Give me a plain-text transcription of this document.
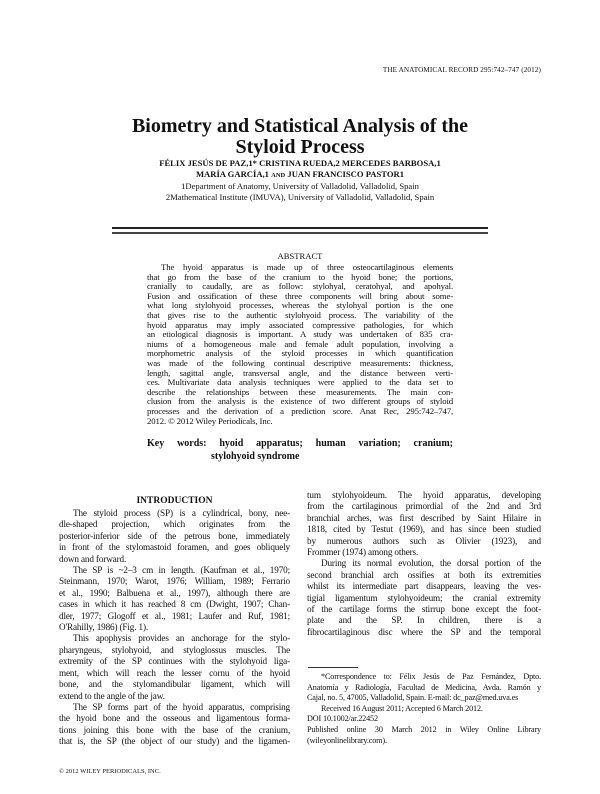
THE ANATOMICAL RECORD 295:742–747 (2012)
Biometry and Statistical Analysis of the
Styloid Process
FÉLIX JESÚS DE PAZ,1* CRISTINA RUEDA,2 MERCEDES BARBOSA,1
MARÍA GARCÍA,1 AND JUAN FRANCISCO PASTOR1
1Department of Anatomy, University of Valladolid, Valladolid, Spain
2Mathematical Institute (IMUVA), University of Valladolid, Valladolid, Spain
ABSTRACT
The hyoid apparatus is made up of three osteocartilaginous elements
that go from the base of the cranium to the hyoid bone; the portions,
cranially to caudally, are as follow: stylohyal, ceratohyal, and apohyal.
Fusion and ossification of these three components will bring about some-
what long stylohyoid processes, whereas the stylohyal portion is the one
that gives rise to the authentic stylohyoid process. The variability of the
hyoid apparatus may imply associated compressive pathologies, for which
an etiological diagnosis is important. A study was undertaken of 835 cra-
niums of a homogeneous male and female adult population, involving a
morphometric analysis of the styloid processes in which quantification
was made of the following continual descriptive measurements: thickness,
length, sagittal angle, transversal angle, and the distance between verti-
ces. Multivariate data analysis techniques were applied to the data set to
describe the relationships between these measurements. The main con-
clusion from the analysis is the existence of two different groups of styloid
processes and the derivation of a prediction score. Anat Rec, 295:742–747,
2012. © 2012 Wiley Periodicals, Inc.
Key words: hyoid apparatus; human variation; cranium;
stylohyoid syndrome
INTRODUCTION
The styloid process (SP) is a cylindrical, bony, nee-
dle-shaped projection, which originates from the
posterior-inferior side of the petrous bone, immediately
in front of the stylomastoid foramen, and goes obliquely
down and forward.
The SP is ~2–3 cm in length. (Kaufman et al., 1970;
Steinmann, 1970; Warot, 1976; William, 1989; Ferrario
et al., 1990; Balbuena et al., 1997), although there are
cases in which it has reached 8 cm (Dwight, 1907; Chan-
dler, 1977; Glogoff et al., 1981; Laufer and Ruf, 1981;
O'Rahilly, 1986) (Fig. 1).
This apophysis provides an anchorage for the stylo-
pharyngeus, stylohyoid, and styloglossus muscles. The
extremity of the SP continues with the stylohyoid liga-
ment, which will reach the lesser cornu of the hyoid
bone, and the stylomandibular ligament, which will
extend to the angle of the jaw.
The SP forms part of the hyoid apparatus, comprising
the hyoid bone and the osseous and ligamentous forma-
tions joining this bone with the base of the cranium,
that is, the SP (the object of our study) and the ligamen-
tum stylohyoideum. The hyoid apparatus, developing
from the cartilaginous primordial of the 2nd and 3rd
branchial arches, was first described by Saint Hilaire in
1818, cited by Testut (1969), and has since been studied
by numerous authors such as Olivier (1923), and
Frommer (1974) among others.
During its normal evolution, the dorsal portion of the
second branchial arch ossifies at both its extremities
whilst its intermediate part disappears, leaving the ves-
tigial ligamentum stylohyoideum; the cranial extremity
of the cartilage forms the stirrup bone except the foot-
plate and the SP. In children, there is a
fibrocartilaginous disc where the SP and the temporal
*Correspondence to: Félix Jesús de Paz Fernández, Dpto.
Anatomía y Radiología, Facultad de Medicina, Avda. Ramón y
Cajal, no. 5, 47005, Valladolid, Spain. E-mail: dc_paz@med.uva.es
Received 16 August 2011; Accepted 6 March 2012.
DOI 10.1002/ar.22452
Published online 30 March 2012 in Wiley Online Library
(wileyonlinelibrary.com).
© 2012 WILEY PERIODICALS, INC.
